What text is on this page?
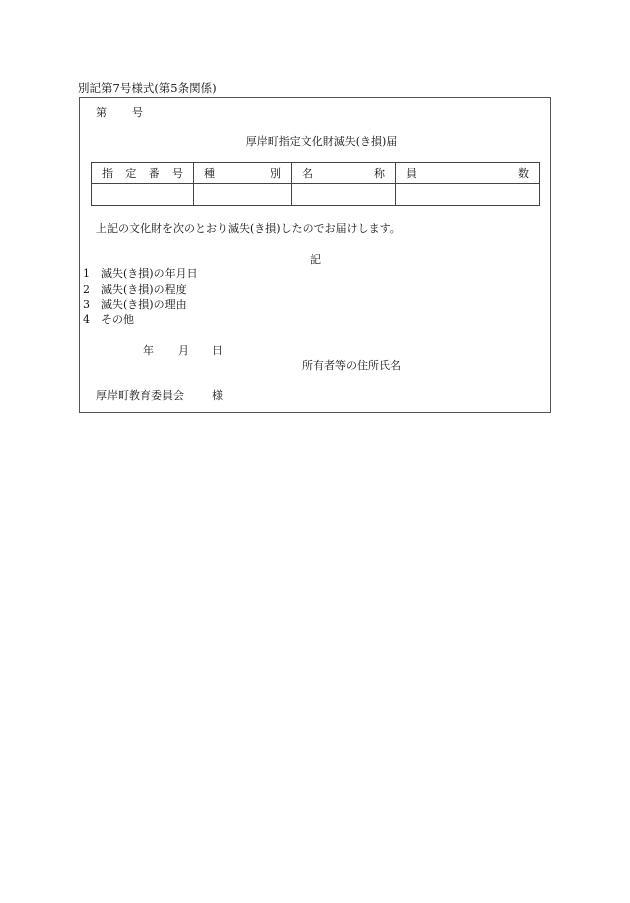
別記第7号様式(第5条関係)
第 号
厚岸町指定文化財滅失(き損)届
指 定 番 号	種 別	名 称	員 数

上記の文化財を次のとおり滅失(き損)したのでお届けします。
記
1 滅失(き損)の年月日
2 滅失(き損)の程度
3 滅失(き損)の理由
4 その他
年 月 日
所有者等の住所氏名
厚岸町教育委員会	様
